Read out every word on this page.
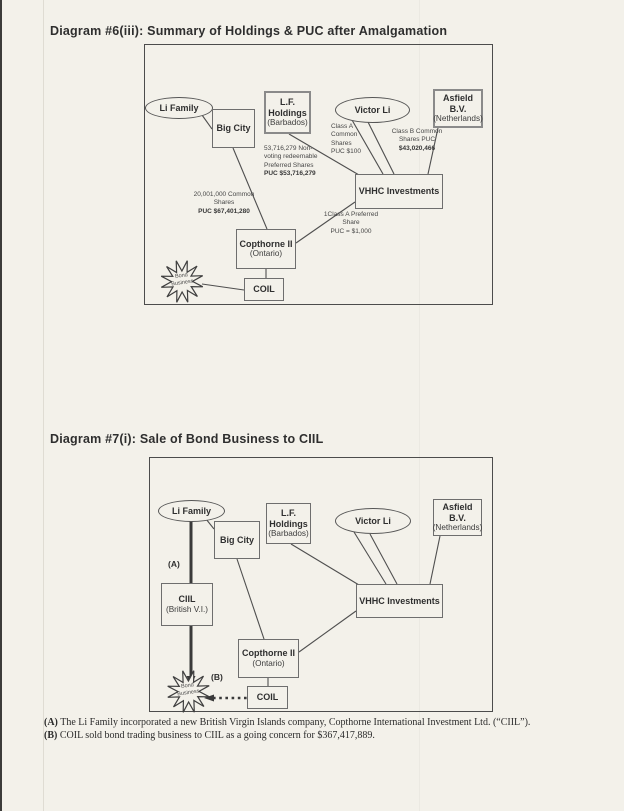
Diagram #6(iii): Summary of Holdings & PUC after Amalgamation
Li Family
Big City
L.F. Holdings
(Barbados)
Victor Li
Asfield B.V.
(Netherlands)
VHHC Investments
Copthorne II
(Ontario)
COIL
Bond
Business
53,716,279 Non-voting redeemable Preferred Shares
PUC $53,716,279
Class A Common Shares
PUC $100
Class B Common Shares PUC
$43,020,466
20,001,000 Common Shares
PUC $67,401,280	1Class A Preferred Share
PUC = $1,000
Diagram #7(i): Sale of Bond Business to CIIL
Li Family
Big City
L.F. Holdings
(Barbados)
Victor Li
Asfield B.V.
(Netherlands)
CIIL
(British V.I.)
VHHC Investments
Copthorne II
(Ontario)
COIL
Bond
Business
(A)
(B)
(A) The Li Family incorporated a new British Virgin Islands company, Copthorne International Investment Ltd. (“CIIL”).
(B) COIL sold bond trading business to CIIL as a going concern for $367,417,889.
